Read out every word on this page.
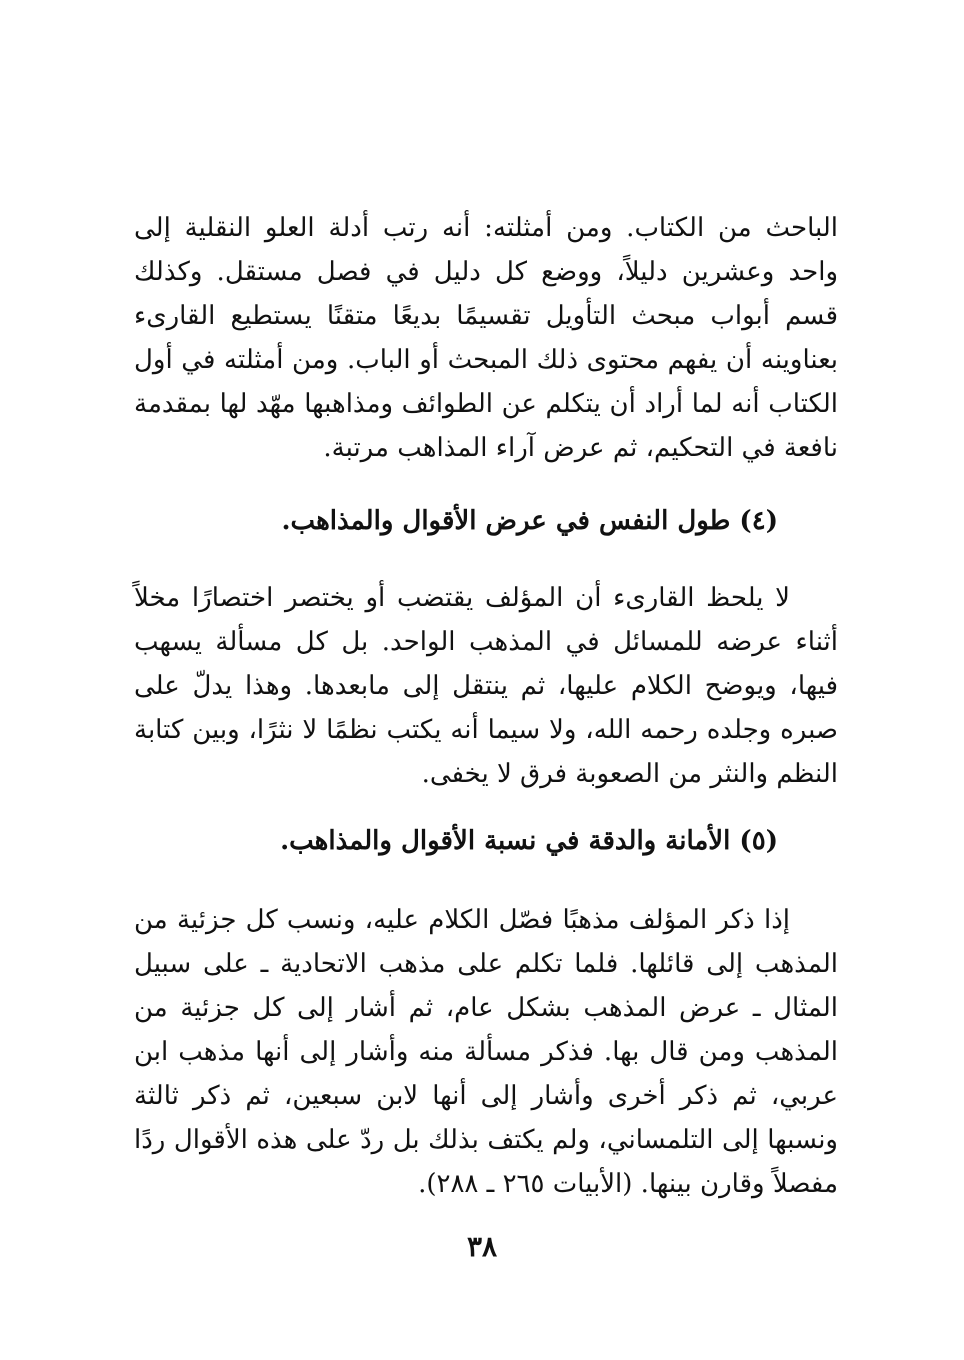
الباحث من الكتاب. ومن أمثلته: أنه رتب أدلة العلو النقلية إلى واحد وعشرين دليلاً، ووضع كل دليل في فصل مستقل. وكذلك قسم أبواب مبحث التأويل تقسيمًا بديعًا متقنًا يستطيع القارىء بعناوينه أن يفهم محتوى ذلك المبحث أو الباب. ومن أمثلته في أول الكتاب أنه لما أراد أن يتكلم عن الطوائف ومذاهبها مهّد لها بمقدمة نافعة في التحكيم، ثم عرض آراء المذاهب مرتبة.

(٤) طول النفس في عرض الأقوال والمذاهب.

لا يلحظ القارىء أن المؤلف يقتضب أو يختصر اختصارًا مخلاً أثناء عرضه للمسائل في المذهب الواحد. بل كل مسألة يسهب فيها، ويوضح الكلام عليها، ثم ينتقل إلى مابعدها. وهذا يدلّ على صبره وجلده رحمه الله، ولا سيما أنه يكتب نظمًا لا نثرًا، وبين كتابة النظم والنثر من الصعوبة فرق لا يخفى.

(٥) الأمانة والدقة في نسبة الأقوال والمذاهب.

إذا ذكر المؤلف مذهبًا فصّل الكلام عليه، ونسب كل جزئية من المذهب إلى قائلها. فلما تكلم على مذهب الاتحادية ـ على سبيل المثال ـ عرض المذهب بشكل عام، ثم أشار إلى كل جزئية من المذهب ومن قال بها. فذكر مسألة منه وأشار إلى أنها مذهب ابن عربي، ثم ذكر أخرى وأشار إلى أنها لابن سبعين، ثم ذكر ثالثة ونسبها إلى التلمساني، ولم يكتف بذلك بل ردّ على هذه الأقوال ردًا مفصلاً وقارن بينها. (الأبيات ٢٦٥ ـ ٢٨٨).

٣٨
